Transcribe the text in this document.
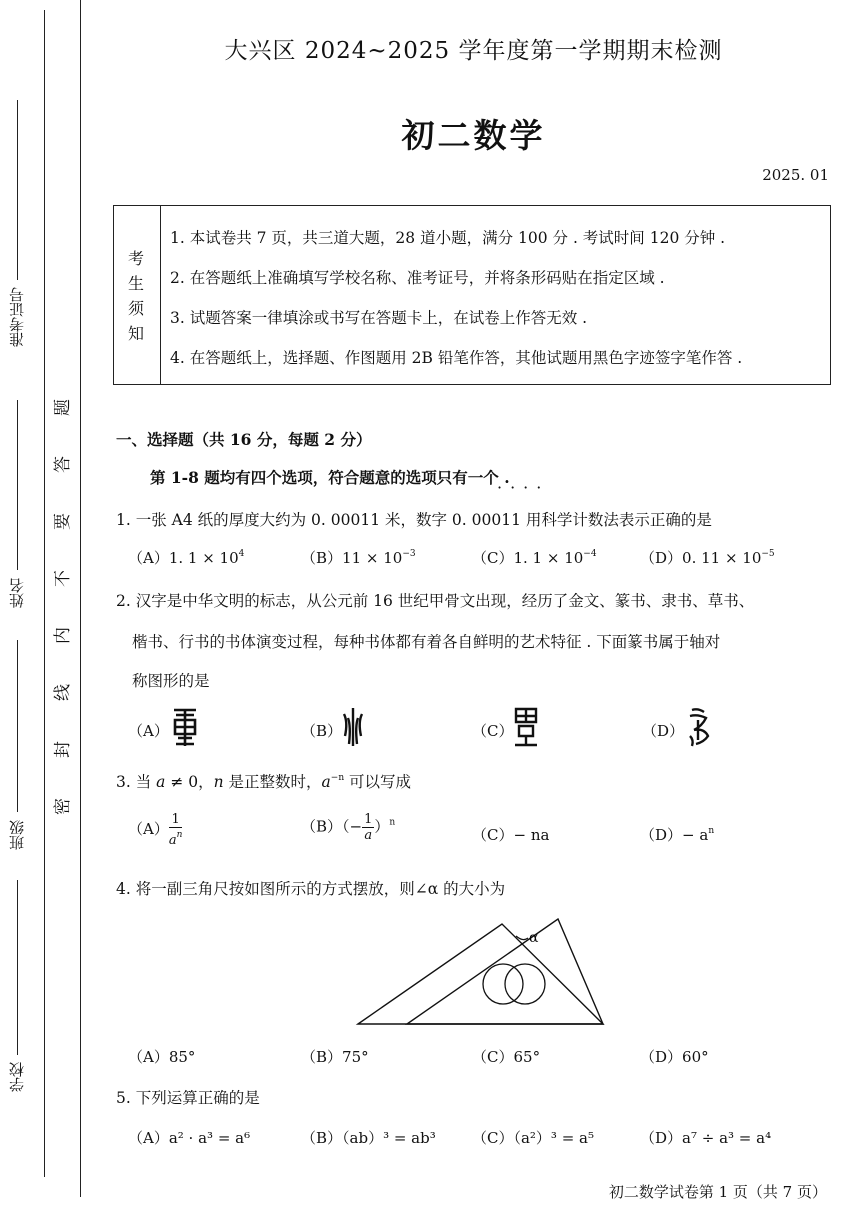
准考证号
姓名
班级
学校
题
答
要
不
内
线
封
密
大兴区 2024~2025 学年度第一学期期末检测
初二数学
2025. 01
考
生
须
知
1. 本试卷共 7 页，共三道大题，28 道小题，满分 100 分 . 考试时间 120 分钟 .
2. 在答题纸上准确填写学校名称、准考证号，并将条形码贴在指定区域 .
3. 试题答案一律填涂或书写在答题卡上，在试卷上作答无效 .
4. 在答题纸上，选择题、作图题用 2B 铅笔作答，其他试题用黑色字迹签字笔作答 .
一、选择题（共 16 分，每题 2 分）
第 1-8 题均有四个选项，符合题意的选项只有一个 .
····
1. 一张 A4 纸的厚度大约为 0. 00011 米，数字 0. 00011 用科学计数法表示正确的是
（A）1. $1 \times 10^4$	$(B)11 \times 10^{-3}$	（C）1. $1 \times 10^{-4}$	（D）0. $11 \times 10^{-5}$
2. 汉字是中华文明的标志，从公元前 16 世纪甲骨文出现，经历了金文、篆书、隶书、草书、
楷书、行书的书体演变过程，每种书体都有着各自鲜明的艺术特征 . 下面篆书属于轴对
称图形的是
（A）	（B）	（C）	（D）
3. 当 a ≠ 0，n 是正整数时，$a^{-n}$ 可以写成
$(A) \frac{1}{a^n}$	$(B)(- \frac{1}{a} )^n$
（C）− na	$(D)- a^n$
4. 将一副三角尺按如图所示的方式摆放，则∠α 的大小为
α
（A）85°	（B）75°	（C）65°	（D）60°
5. 下列运算正确的是
（A）a² · a³ = a⁶	（B）（ab）³ = ab³ （C）（a²）³ = a⁵	（D）a⁷ ÷ a³ = a⁴
初二数学试卷第 1 页（共 7 页）
